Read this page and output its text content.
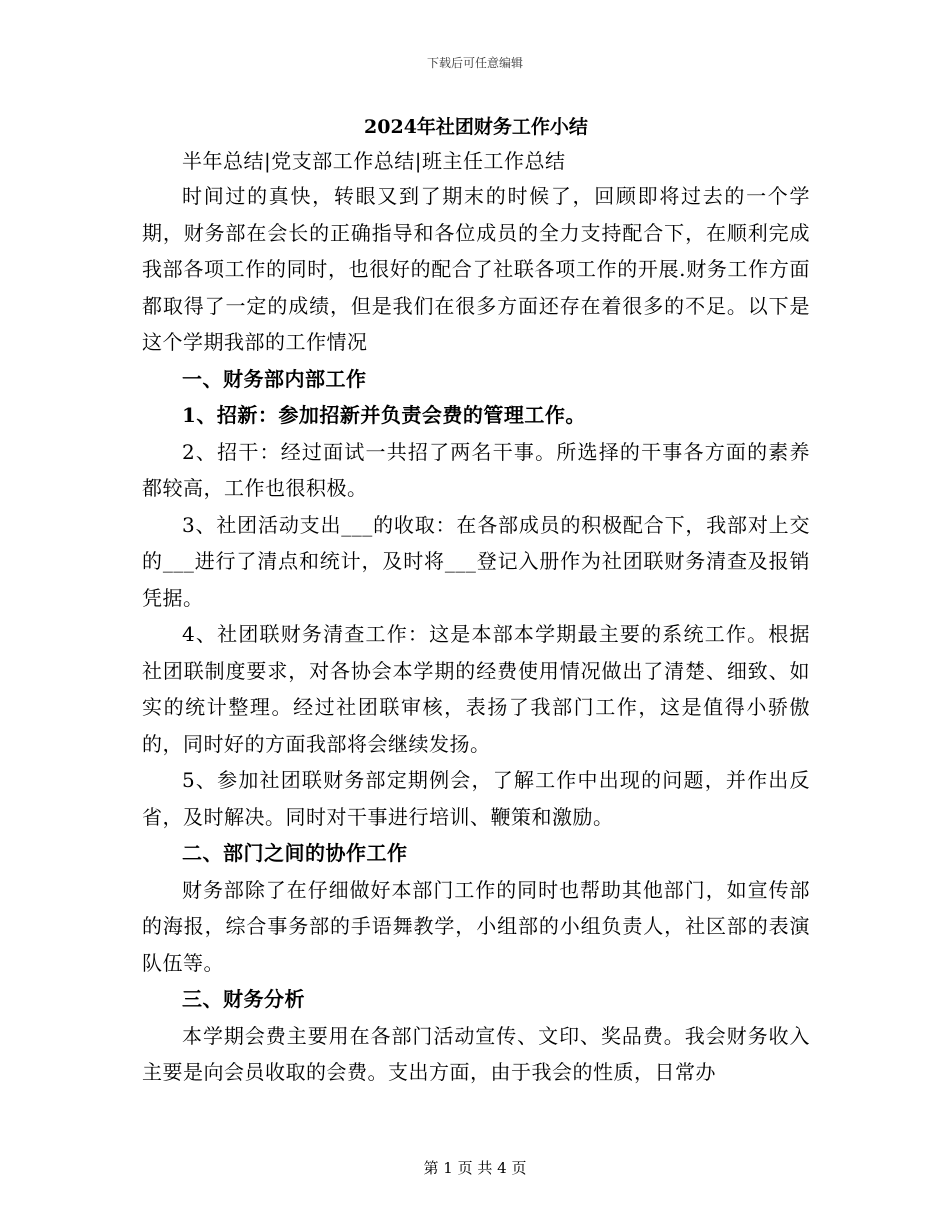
下载后可任意编辑
2024年社团财务工作小结

半年总结|党支部工作总结|班主任工作总结

时间过的真快，转眼又到了期末的时候了，回顾即将过去的一个学期，财务部在会长的正确指导和各位成员的全力支持配合下，在顺利完成我部各项工作的同时，也很好的配合了社联各项工作的开展.财务工作方面都取得了一定的成绩，但是我们在很多方面还存在着很多的不足。以下是这个学期我部的工作情况

一、财务部内部工作

1、招新：参加招新并负责会费的管理工作。

2、招干：经过面试一共招了两名干事。所选择的干事各方面的素养都较高，工作也很积极。

3、社团活动支出___的收取：在各部成员的积极配合下，我部对上交的___进行了清点和统计，及时将___登记入册作为社团联财务清查及报销凭据。

4、社团联财务清查工作：这是本部本学期最主要的系统工作。根据社团联制度要求，对各协会本学期的经费使用情况做出了清楚、细致、如实的统计整理。经过社团联审核，表扬了我部门工作，这是值得小骄傲的，同时好的方面我部将会继续发扬。

5、参加社团联财务部定期例会，了解工作中出现的问题，并作出反省，及时解决。同时对干事进行培训、鞭策和激励。

二、部门之间的协作工作

财务部除了在仔细做好本部门工作的同时也帮助其他部门，如宣传部的海报，综合事务部的手语舞教学，小组部的小组负责人，社区部的表演队伍等。

三、财务分析

本学期会费主要用在各部门活动宣传、文印、奖品费。我会财务收入主要是向会员收取的会费。支出方面，由于我会的性质，日常办

第 1 页 共 4 页
